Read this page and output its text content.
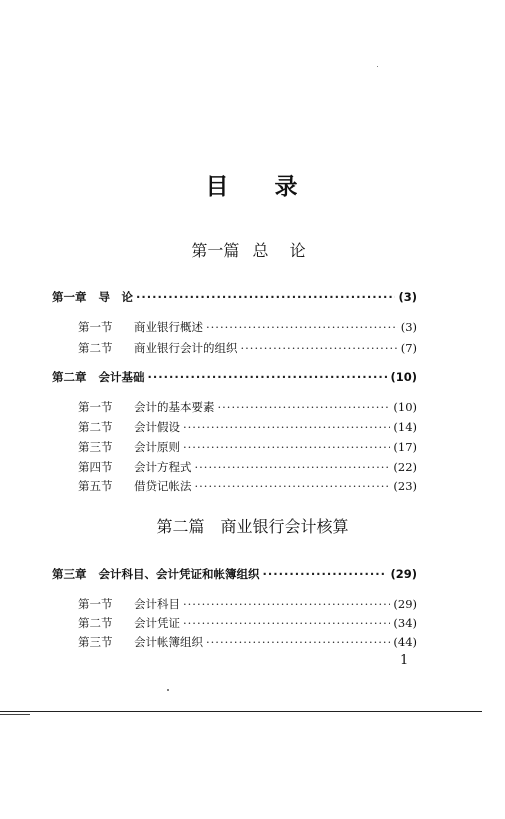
目 录
第一篇 总 论
第一章 导　论 ·····	(3)
第一节	商业银行概述 ·····	(3)
第二节	商业银行会计的组织 ·····	(7)
第二章 会计基础 ·····	(10)
第一节	会计的基本要素 ·····	(10)
第二节	会计假设 ·····	(14)
第三节	会计原则 ·····	(17)
第四节	会计方程式 ·····	(22)
第五节	借贷记帐法 ·····	(23)
第二篇　 商业银行会计核算
第三章 会计科目、会计凭证和帐簿组织 ·····	(29)
第一节	会计科目 ·····	(29)
第二节	会计凭证 ·····	(34)
第三节	会计帐簿组织 ·····	(44)
1
